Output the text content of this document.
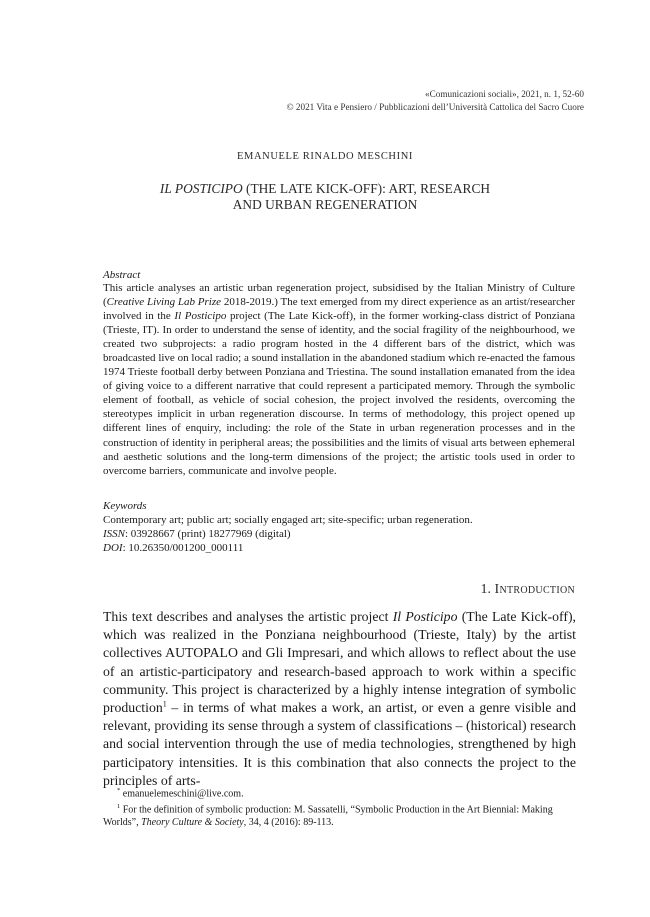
«Comunicazioni sociali», 2021, n. 1, 52-60
© 2021 Vita e Pensiero / Pubblicazioni dell’Università Cattolica del Sacro Cuore
EMANUELE RINALDO MESCHINI
IL POSTICIPO (THE LATE KICK-OFF): ART, RESEARCH
AND URBAN REGENERATION
Abstract
This article analyses an artistic urban regeneration project, subsidised by the Italian Ministry of Culture (Creative Living Lab Prize 2018-2019.) The text emerged from my direct experience as an artist/researcher involved in the Il Posticipo project (The Late Kick-off), in the former working-class district of Ponziana (Trieste, IT). In order to understand the sense of identity, and the social fragility of the neighbourhood, we created two subprojects: a radio program hosted in the 4 different bars of the district, which was broadcasted live on local radio; a sound installation in the abandoned stadium which re-enacted the famous 1974 Trieste football derby between Ponziana and Triestina. The sound installation emanated from the idea of giving voice to a different narrative that could represent a participated memory. Through the symbolic element of football, as vehicle of social cohesion, the project involved the residents, overcoming the stereotypes implicit in urban regeneration discourse. In terms of methodology, this project opened up different lines of enquiry, including: the role of the State in urban regeneration processes and in the construction of identity in peripheral areas; the possibilities and the limits of visual arts between ephemeral and aesthetic solutions and the long-term dimensions of the project; the artistic tools used in order to overcome barriers, communicate and involve people.
Keywords
Contemporary art; public art; socially engaged art; site-specific; urban regeneration.
ISSN: 03928667 (print) 18277969 (digital)
DOI: 10.26350/001200_000111
1. Introduction
This text describes and analyses the artistic project Il Posticipo (The Late Kick-off), which was realized in the Ponziana neighbourhood (Trieste, Italy) by the artist collectives AUTOPALO and Gli Impresari, and which allows to reflect about the use of an artistic-participatory and research-based approach to work within a specific community. This project is characterized by a highly intense integration of symbolic production$^1$ – in terms of what makes a work, an artist, or even a genre visible and relevant, providing its sense through a system of classifications – (historical) research and social intervention through the use of media technologies, strengthened by high participatory intensities. It is this combination that also connects the project to the principles of arts-
* emanuelemeschini@live.com.
$^1$ For the definition of symbolic production: M. Sassatelli, “Symbolic Production in the Art Biennial: Making Worlds”, Theory Culture & Society, 34, 4 (2016): 89-113.
